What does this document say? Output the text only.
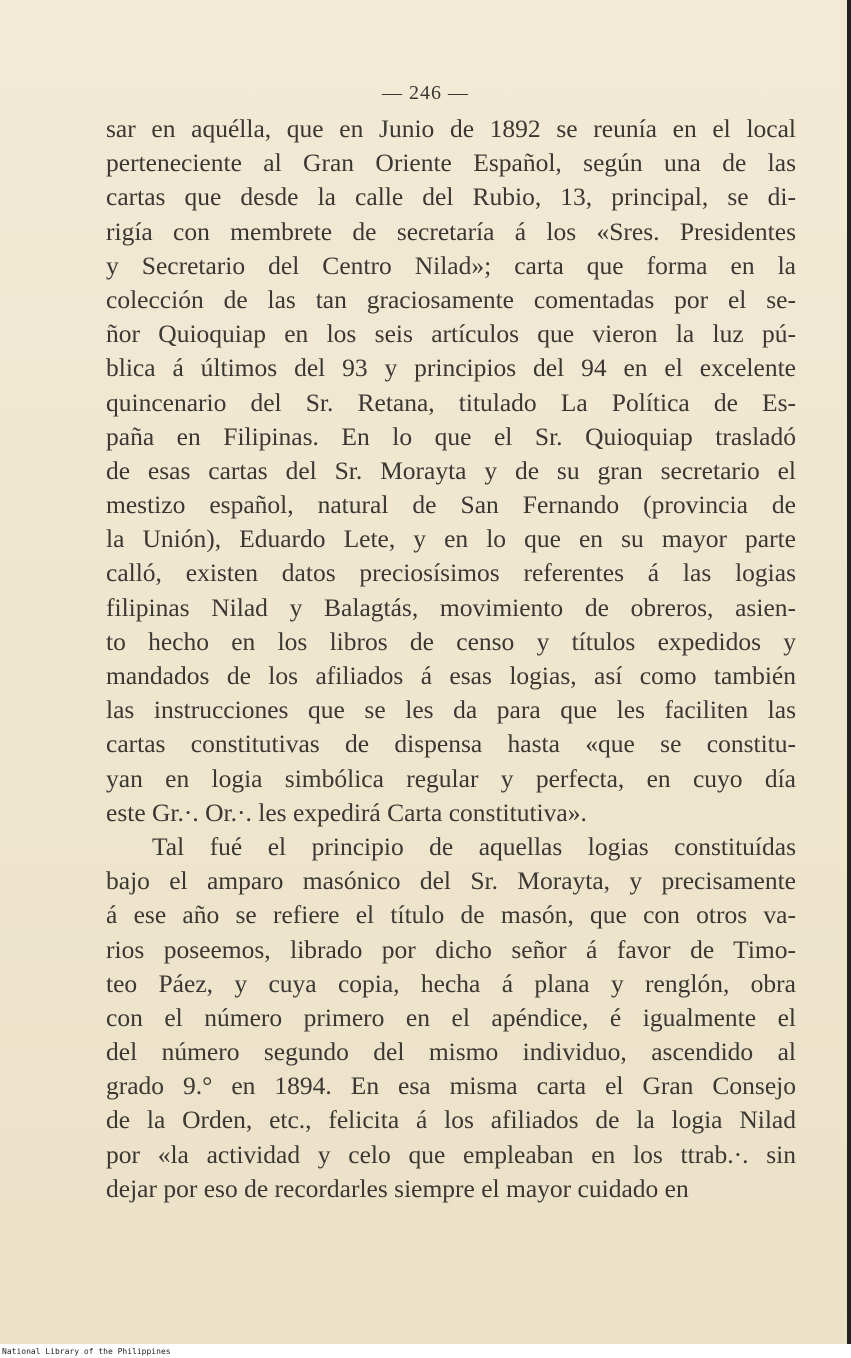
— 246 —
sar en aquélla, que en Junio de 1892 se reunía en el local
perteneciente al Gran Oriente Español, según una de las
cartas que desde la calle del Rubio, 13, principal, se di-
rigía con membrete de secretaría á los «Sres. Presidentes
y Secretario del Centro Nilad»; carta que forma en la
colección de las tan graciosamente comentadas por el se-
ñor Quioquiap en los seis artículos que vieron la luz pú-
blica á últimos del 93 y principios del 94 en el excelente
quincenario del Sr. Retana, titulado La Política de Es-
paña en Filipinas. En lo que el Sr. Quioquiap trasladó
de esas cartas del Sr. Morayta y de su gran secretario el
mestizo español, natural de San Fernando (provincia de
la Unión), Eduardo Lete, y en lo que en su mayor parte
calló, existen datos preciosísimos referentes á las logias
filipinas Nilad y Balagtás, movimiento de obreros, asien-
to hecho en los libros de censo y títulos expedidos y
mandados de los afiliados á esas logias, así como también
las instrucciones que se les da para que les faciliten las
cartas constitutivas de dispensa hasta «que se constitu-
yan en logia simbólica regular y perfecta, en cuyo día
este Gr.·. Or.·. les expedirá Carta constitutiva».
Tal fué el principio de aquellas logias constituídas
bajo el amparo masónico del Sr. Morayta, y precisamente
á ese año se refiere el título de masón, que con otros va-
rios poseemos, librado por dicho señor á favor de Timo-
teo Páez, y cuya copia, hecha á plana y renglón, obra
con el número primero en el apéndice, é igualmente el
del número segundo del mismo individuo, ascendido al
grado 9.° en 1894. En esa misma carta el Gran Consejo
de la Orden, etc., felicita á los afiliados de la logia Nilad
por «la actividad y celo que empleaban en los ttrab.·. sin
dejar por eso de recordarles siempre el mayor cuidado en
National Library of the Philippines
